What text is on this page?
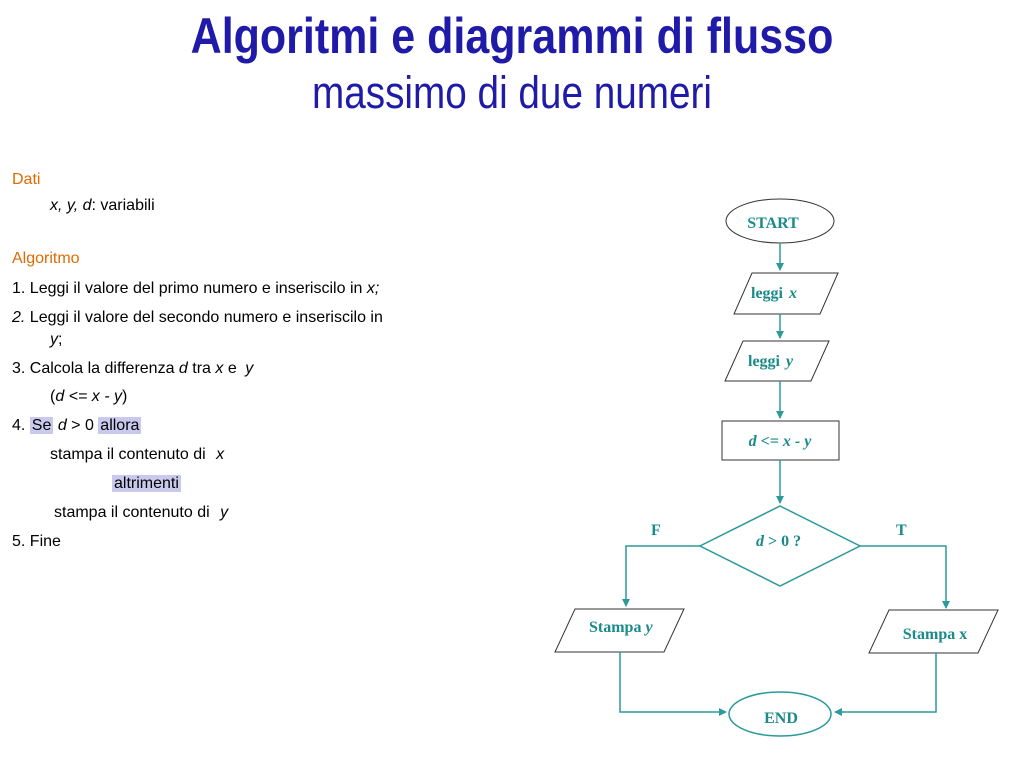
Algoritmi e diagrammi di flusso
massimo di due numeri
Dati
x, y, d: variabili
Algoritmo
1. Leggi il valore del primo numero e inseriscilo in x;
2. Leggi il valore del secondo numero e inseriscilo in
y;
3. Calcola la differenza d tra x e y
(d <= x - y)
4. Se d > 0 allora
stampa il contenuto di x
altrimenti
stampa il contenuto di y
5. Fine
START
leggi x
leggi y
d <= x - y
d > 0 ?
F	T
Stampa y	Stampa x
END
